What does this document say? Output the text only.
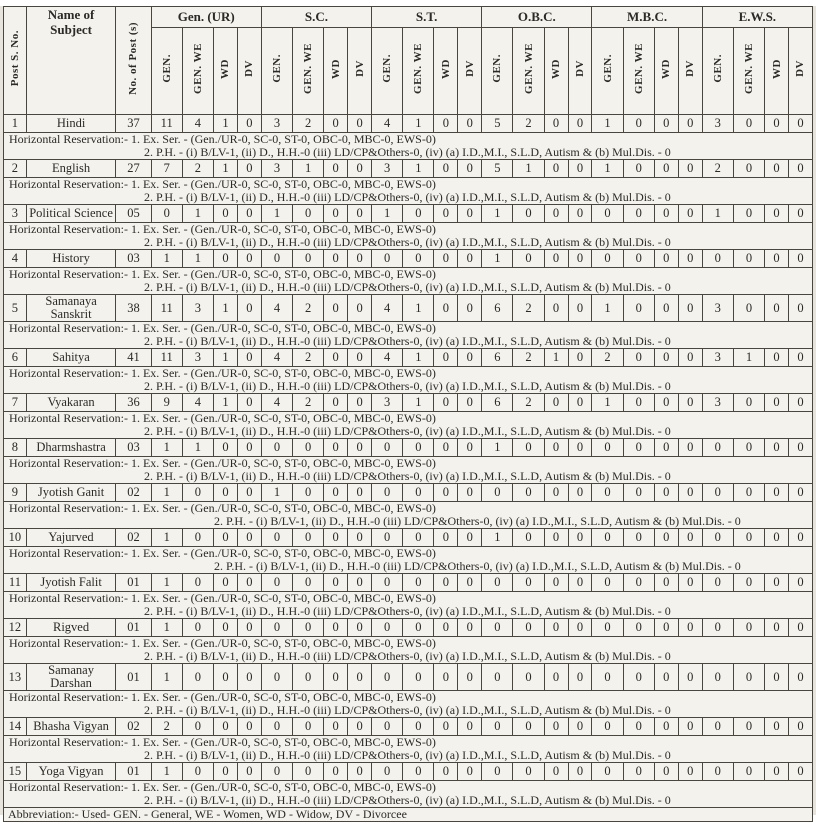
Post S. No.	Name of Subject	No. of Post (s)	Gen. (UR)				S.C.				S.T.				O.B.C.				M.B.C.				E.W.S.			
			GEN.	GEN. WE	WD	DV	GEN.	GEN. WE	WD	DV	GEN.	GEN. WE	WD	DV	GEN.	GEN. WE	WD	DV	GEN.	GEN. WE	WD	DV	GEN.	GEN. WE	WD	DV
1	Hindi	37	11	4	1	0	3	2	0	0	4	1	0	0	5	2	0	0	1	0	0	0	3	0	0	0

Horizontal Reservation:- 1. Ex. Ser. - (Gen./UR-0, SC-0, ST-0, OBC-0, MBC-0, EWS-0)
2. P.H. - (i) B/LV-1, (ii) D., H.H.-0 (iii) LD/CP&Others-0, (iv) (a) I.D.,M.I., S.L.D, Autism & (b) Mul.Dis. - 0																										

2	English	27	7	2	1	0	3	1	0	0	3	1	0	0	5	1	0	0	1	0	0	0	2	0	0	0

Horizontal Reservation:- 1. Ex. Ser. - (Gen./UR-0, SC-0, ST-0, OBC-0, MBC-0, EWS-0)
2. P.H. - (i) B/LV-1, (ii) D., H.H.-0 (iii) LD/CP&Others-0, (iv) (a) I.D.,M.I., S.L.D, Autism & (b) Mul.Dis. - 0																										

3	Political Science	05	0	1	0	0	1	0	0	0	1	0	0	0	1	0	0	0	0	0	0	0	1	0	0	0

Horizontal Reservation:- 1. Ex. Ser. - (Gen./UR-0, SC-0, ST-0, OBC-0, MBC-0, EWS-0)
2. P.H. - (i) B/LV-1, (ii) D., H.H.-0 (iii) LD/CP&Others-0, (iv) (a) I.D.,M.I., S.L.D, Autism & (b) Mul.Dis. - 0																										

4	History	03	1	1	0	0	0	0	0	0	0	0	0	0	1	0	0	0	0	0	0	0	0	0	0	0

Horizontal Reservation:- 1. Ex. Ser. - (Gen./UR-0, SC-0, ST-0, OBC-0, MBC-0, EWS-0)
2. P.H. - (i) B/LV-1, (ii) D., H.H.-0 (iii) LD/CP&Others-0, (iv) (a) I.D.,M.I., S.L.D, Autism & (b) Mul.Dis. - 0																										

5	Samanaya Sanskrit	38	11	3	1	0	4	2	0	0	4	1	0	0	6	2	0	0	1	0	0	0	3	0	0	0

Horizontal Reservation:- 1. Ex. Ser. - (Gen./UR-0, SC-0, ST-0, OBC-0, MBC-0, EWS-0)
2. P.H. - (i) B/LV-1, (ii) D., H.H.-0 (iii) LD/CP&Others-0, (iv) (a) I.D.,M.I., S.L.D, Autism & (b) Mul.Dis. - 0																										

6	Sahitya	41	11	3	1	0	4	2	0	0	4	1	0	0	6	2	1	0	2	0	0	0	3	1	0	0

Horizontal Reservation:- 1. Ex. Ser. - (Gen./UR-0, SC-0, ST-0, OBC-0, MBC-0, EWS-0)
2. P.H. - (i) B/LV-1, (ii) D., H.H.-0 (iii) LD/CP&Others-0, (iv) (a) I.D.,M.I., S.L.D, Autism & (b) Mul.Dis. - 0																										

7	Vyakaran	36	9	4	1	0	4	2	0	0	3	1	0	0	6	2	0	0	1	0	0	0	3	0	0	0

Horizontal Reservation:- 1. Ex. Ser. - (Gen./UR-0, SC-0, ST-0, OBC-0, MBC-0, EWS-0)
2. P.H. - (i) B/LV-1, (ii) D., H.H.-0 (iii) LD/CP&Others-0, (iv) (a) I.D.,M.I., S.L.D, Autism & (b) Mul.Dis. - 0																										

8	Dharmshastra	03	1	1	0	0	0	0	0	0	0	0	0	0	1	0	0	0	0	0	0	0	0	0	0	0

Horizontal Reservation:- 1. Ex. Ser. - (Gen./UR-0, SC-0, ST-0, OBC-0, MBC-0, EWS-0)
2. P.H. - (i) B/LV-1, (ii) D., H.H.-0 (iii) LD/CP&Others-0, (iv) (a) I.D.,M.I., S.L.D, Autism & (b) Mul.Dis. - 0																										

9	Jyotish Ganit	02	1	0	0	0	1	0	0	0	0	0	0	0	0	0	0	0	0	0	0	0	0	0	0	0

Horizontal Reservation:- 1. Ex. Ser. - (Gen./UR-0, SC-0, ST-0, OBC-0, MBC-0, EWS-0)
2. P.H. - (i) B/LV-1, (ii) D., H.H.-0 (iii) LD/CP&Others-0, (iv) (a) I.D.,M.I., S.L.D, Autism & (b) Mul.Dis. - 0																										

10	Yajurved	02	1	0	0	0	0	0	0	0	0	0	0	0	1	0	0	0	0	0	0	0	0	0	0	0

Horizontal Reservation:- 1. Ex. Ser. - (Gen./UR-0, SC-0, ST-0, OBC-0, MBC-0, EWS-0)
2. P.H. - (i) B/LV-1, (ii) D., H.H.-0 (iii) LD/CP&Others-0, (iv) (a) I.D.,M.I., S.L.D, Autism & (b) Mul.Dis. - 0																										

11	Jyotish Falit	01	1	0	0	0	0	0	0	0	0	0	0	0	0	0	0	0	0	0	0	0	0	0	0	0

Horizontal Reservation:- 1. Ex. Ser. - (Gen./UR-0, SC-0, ST-0, OBC-0, MBC-0, EWS-0)
2. P.H. - (i) B/LV-1, (ii) D., H.H.-0 (iii) LD/CP&Others-0, (iv) (a) I.D.,M.I., S.L.D, Autism & (b) Mul.Dis. - 0																										

12	Rigved	01	1	0	0	0	0	0	0	0	0	0	0	0	0	0	0	0	0	0	0	0	0	0	0	0

Horizontal Reservation:- 1. Ex. Ser. - (Gen./UR-0, SC-0, ST-0, OBC-0, MBC-0, EWS-0)
2. P.H. - (i) B/LV-1, (ii) D., H.H.-0 (iii) LD/CP&Others-0, (iv) (a) I.D.,M.I., S.L.D, Autism & (b) Mul.Dis. - 0																										

13	Samanay Darshan	01	1	0	0	0	0	0	0	0	0	0	0	0	0	0	0	0	0	0	0	0	0	0	0	0

Horizontal Reservation:- 1. Ex. Ser. - (Gen./UR-0, SC-0, ST-0, OBC-0, MBC-0, EWS-0)
2. P.H. - (i) B/LV-1, (ii) D., H.H.-0 (iii) LD/CP&Others-0, (iv) (a) I.D.,M.I., S.L.D, Autism & (b) Mul.Dis. - 0																										

14	Bhasha Vigyan	02	2	0	0	0	0	0	0	0	0	0	0	0	0	0	0	0	0	0	0	0	0	0	0	0

Horizontal Reservation:- 1. Ex. Ser. - (Gen./UR-0, SC-0, ST-0, OBC-0, MBC-0, EWS-0)
2. P.H. - (i) B/LV-1, (ii) D., H.H.-0 (iii) LD/CP&Others-0, (iv) (a) I.D.,M.I., S.L.D, Autism & (b) Mul.Dis. - 0																										

15	Yoga Vigyan	01	1	0	0	0	0	0	0	0	0	0	0	0	0	0	0	0	0	0	0	0	0	0	0	0

Horizontal Reservation:- 1. Ex. Ser. - (Gen./UR-0, SC-0, ST-0, OBC-0, MBC-0, EWS-0)
2. P.H. - (i) B/LV-1, (ii) D., H.H.-0 (iii) LD/CP&Others-0, (iv) (a) I.D.,M.I., S.L.D, Autism & (b) Mul.Dis. - 0																										

Abbreviation:- Used- GEN. - General, WE - Women, WD - Widow, DV - Divorcee																										
